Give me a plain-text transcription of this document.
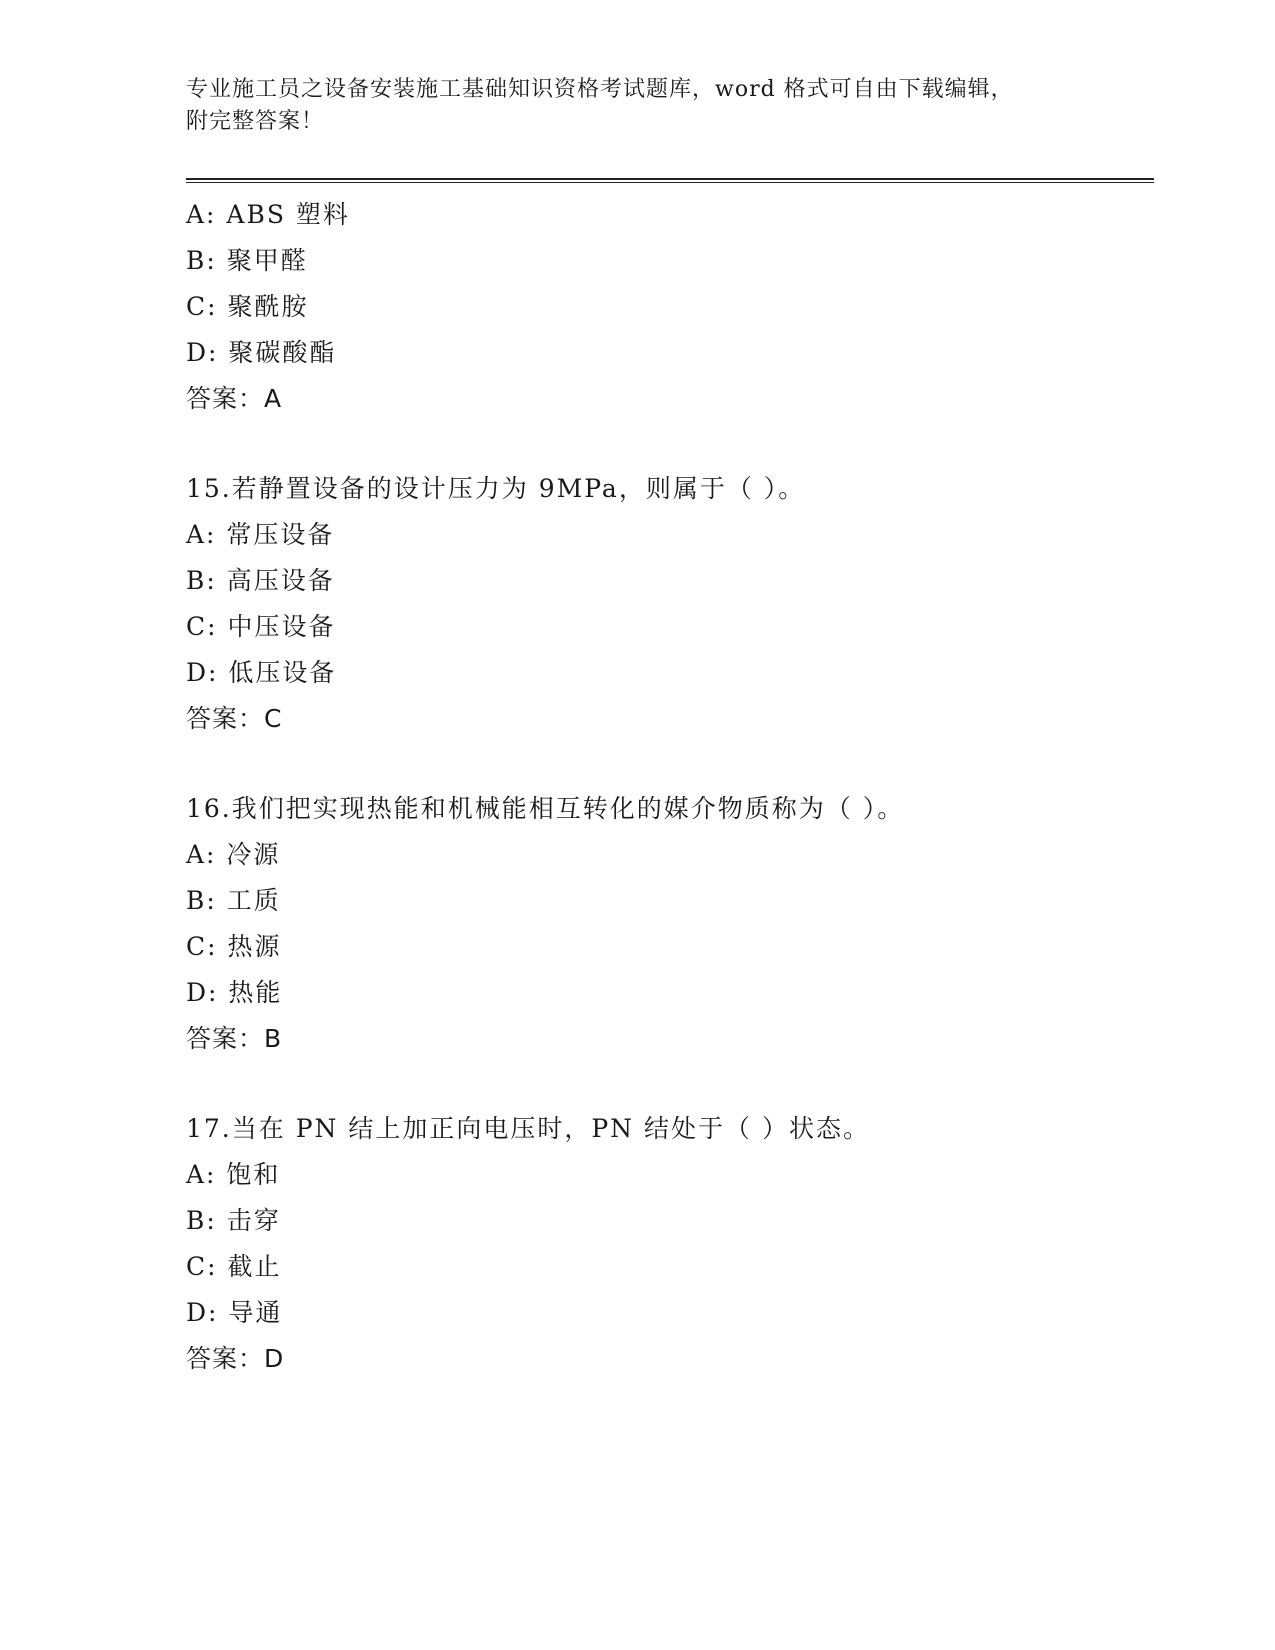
专业施工员之设备安装施工基础知识资格考试题库，word 格式可自由下载编辑，
附完整答案！
A: ABS 塑料
B: 聚甲醛
C: 聚酰胺
D: 聚碳酸酯
答案：A
15.若静置设备的设计压力为 9MPa，则属于（ ）。
A: 常压设备
B: 高压设备
C: 中压设备
D: 低压设备
答案：C
16.我们把实现热能和机械能相互转化的媒介物质称为（ ）。
A: 冷源
B: 工质
C: 热源
D: 热能
答案：B
17.当在 PN 结上加正向电压时，PN 结处于（ ）状态。
A: 饱和
B: 击穿
C: 截止
D: 导通
答案：D
